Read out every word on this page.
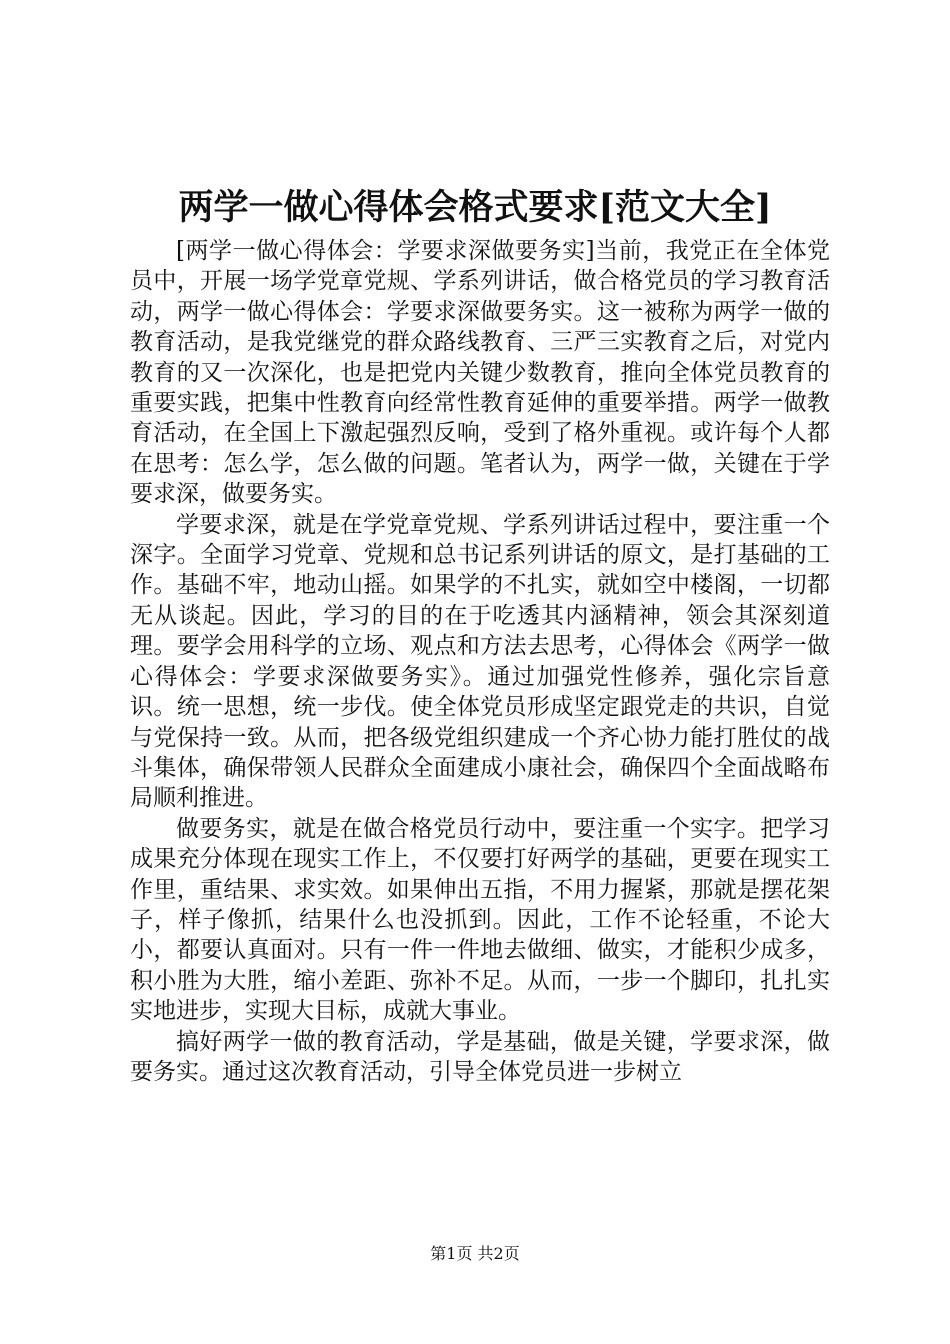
两学一做心得体会格式要求[范文大全]

[两学一做心得体会：学要求深做要务实]当前，我党正在全体党员中，开展一场学党章党规、学系列讲话，做合格党员的学习教育活动，两学一做心得体会：学要求深做要务实。这一被称为两学一做的教育活动，是我党继党的群众路线教育、三严三实教育之后，对党内教育的又一次深化，也是把党内关键少数教育，推向全体党员教育的重要实践，把集中性教育向经常性教育延伸的重要举措。两学一做教育活动，在全国上下激起强烈反响，受到了格外重视。或许每个人都在思考：怎么学，怎么做的问题。笔者认为，两学一做，关键在于学要求深，做要务实。

学要求深，就是在学党章党规、学系列讲话过程中，要注重一个深字。全面学习党章、党规和总书记系列讲话的原文，是打基础的工作。基础不牢，地动山摇。如果学的不扎实，就如空中楼阁，一切都无从谈起。因此，学习的目的在于吃透其内涵精神，领会其深刻道理。要学会用科学的立场、观点和方法去思考，心得体会《两学一做心得体会：学要求深做要务实》。通过加强党性修养，强化宗旨意识。统一思想，统一步伐。使全体党员形成坚定跟党走的共识，自觉与党保持一致。从而，把各级党组织建成一个齐心协力能打胜仗的战斗集体，确保带领人民群众全面建成小康社会，确保四个全面战略布局顺利推进。

做要务实，就是在做合格党员行动中，要注重一个实字。把学习成果充分体现在现实工作上，不仅要打好两学的基础，更要在现实工作里，重结果、求实效。如果伸出五指，不用力握紧，那就是摆花架子，样子像抓，结果什么也没抓到。因此，工作不论轻重，不论大小，都要认真面对。只有一件一件地去做细、做实，才能积少成多，积小胜为大胜，缩小差距、弥补不足。从而，一步一个脚印，扎扎实实地进步，实现大目标，成就大事业。

搞好两学一做的教育活动，学是基础，做是关键，学要求深，做要务实。通过这次教育活动，引导全体党员进一步树立

第1页 共2页
